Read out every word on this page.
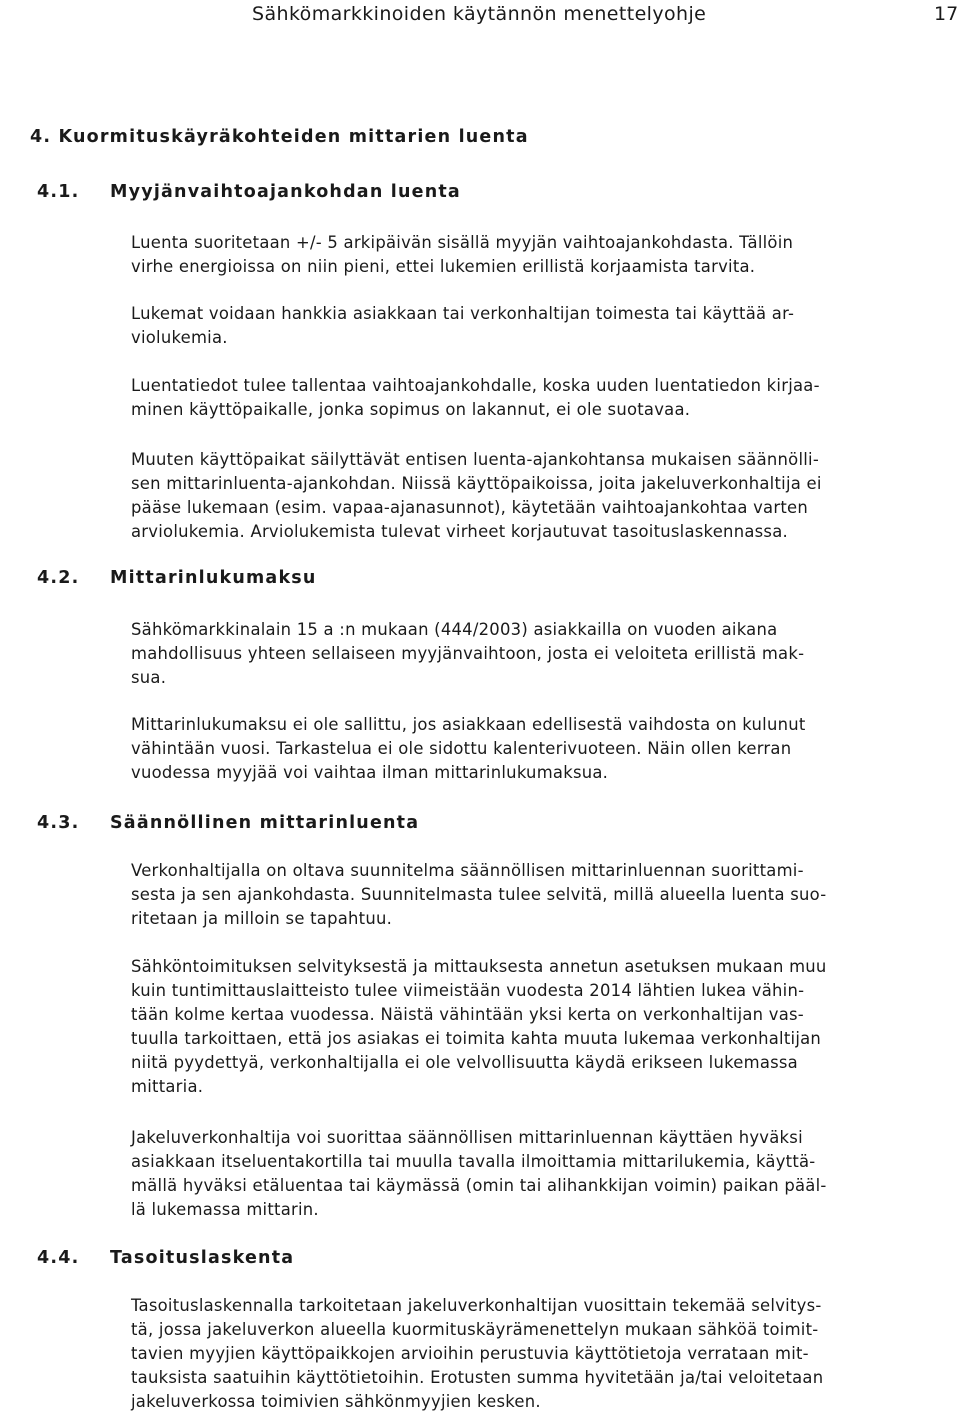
Sähkömarkkinoiden käytännön menettelyohje	17
4. Kuormituskäyräkohteiden mittarien luenta
4.1. Myyjänvaihtoajankohdan luenta
Luenta suoritetaan +/- 5 arkipäivän sisällä myyjän vaihtoajankohdasta. Tällöin
virhe energioissa on niin pieni, ettei lukemien erillistä korjaamista tarvita.
Lukemat voidaan hankkia asiakkaan tai verkonhaltijan toimesta tai käyttää ar-
violukemia.
Luentatiedot tulee tallentaa vaihtoajankohdalle, koska uuden luentatiedon kirjaa-
minen käyttöpaikalle, jonka sopimus on lakannut, ei ole suotavaa.
Muuten käyttöpaikat säilyttävät entisen luenta-ajankohtansa mukaisen säännölli-
sen mittarinluenta-ajankohdan. Niissä käyttöpaikoissa, joita jakeluverkonhaltija ei
pääse lukemaan (esim. vapaa-ajanasunnot), käytetään vaihtoajankohtaa varten
arviolukemia. Arviolukemista tulevat virheet korjautuvat tasoituslaskennassa.
4.2. Mittarinlukumaksu
Sähkömarkkinalain 15 a :n mukaan (444/2003) asiakkailla on vuoden aikana
mahdollisuus yhteen sellaiseen myyjänvaihtoon, josta ei veloiteta erillistä mak-
sua.
Mittarinlukumaksu ei ole sallittu, jos asiakkaan edellisestä vaihdosta on kulunut
vähintään vuosi. Tarkastelua ei ole sidottu kalenterivuoteen. Näin ollen kerran
vuodessa myyjää voi vaihtaa ilman mittarinlukumaksua.
4.3. Säännöllinen mittarinluenta
Verkonhaltijalla on oltava suunnitelma säännöllisen mittarinluennan suorittami-
sesta ja sen ajankohdasta. Suunnitelmasta tulee selvitä, millä alueella luenta suo-
ritetaan ja milloin se tapahtuu.
Sähköntoimituksen selvityksestä ja mittauksesta annetun asetuksen mukaan muu
kuin tuntimittauslaitteisto tulee viimeistään vuodesta 2014 lähtien lukea vähin-
tään kolme kertaa vuodessa. Näistä vähintään yksi kerta on verkonhaltijan vas-
tuulla tarkoittaen, että jos asiakas ei toimita kahta muuta lukemaa verkonhaltijan
niitä pyydettyä, verkonhaltijalla ei ole velvollisuutta käydä erikseen lukemassa
mittaria.
Jakeluverkonhaltija voi suorittaa säännöllisen mittarinluennan käyttäen hyväksi
asiakkaan itseluentakortilla tai muulla tavalla ilmoittamia mittarilukemia, käyttä-
mällä hyväksi etäluentaa tai käymässä (omin tai alihankkijan voimin) paikan pääl-
lä lukemassa mittarin.
4.4. Tasoituslaskenta
Tasoituslaskennalla tarkoitetaan jakeluverkonhaltijan vuosittain tekemää selvitys-
tä, jossa jakeluverkon alueella kuormituskäyrämenettelyn mukaan sähköä toimit-
tavien myyjien käyttöpaikkojen arvioihin perustuvia käyttötietoja verrataan mit-
tauksista saatuihin käyttötietoihin. Erotusten summa hyvitetään ja/tai veloitetaan
jakeluverkossa toimivien sähkönmyyjien kesken.
